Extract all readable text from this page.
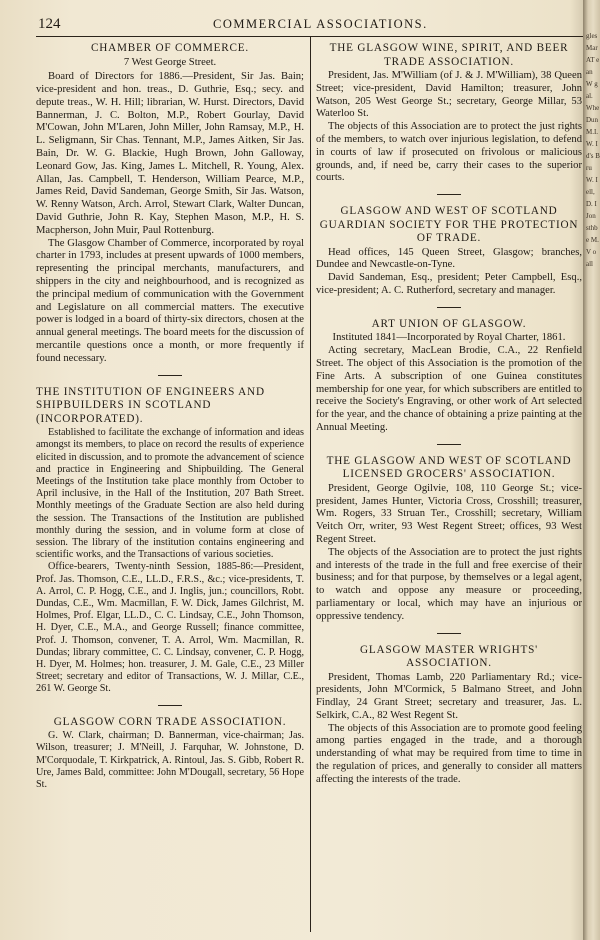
124	COMMERCIAL ASSOCIATIONS.
CHAMBER OF COMMERCE.
7 West George Street.

Board of Directors for 1886.—President, Sir Jas. Bain; vice-president and hon. treas., D. Guthrie, Esq.; secy. and depute treas., W. H. Hill; librarian, W. Hurst. Directors, David Bannerman, J. C. Bolton, M.P., Robert Gourlay, David M'Cowan, John M'Laren, John Miller, John Ramsay, M.P., H. L. Seligmann, Sir Chas. Tennant, M.P., James Aitken, Sir Jas. Bain, Dr. W. G. Blackie, Hugh Brown, John Galloway, Leonard Gow, Jas. King, James L. Mitchell, R. Young, Alex. Allan, Jas. Campbell, T. Henderson, William Pearce, M.P., James Reid, David Sandeman, George Smith, Sir Jas. Watson, W. Renny Watson, Arch. Arrol, Stewart Clark, Walter Duncan, David Guthrie, John R. Kay, Stephen Mason, M.P., H. S. Macpherson, John Muir, Paul Rottenburg.

The Glasgow Chamber of Commerce, incorporated by royal charter in 1793, includes at present upwards of 1000 members, representing the principal merchants, manufacturers, and shippers in the city and neighbourhood, and is recognized as the principal medium of communication with the Government and Legislature on all commercial matters. The executive power is lodged in a board of thirty-six directors, chosen at the annual general meetings. The board meets for the discussion of mercantile questions once a month, or more frequently if found necessary.

THE INSTITUTION OF ENGINEERS AND SHIPBUILDERS IN SCOTLAND (INCORPORATED).

Established to facilitate the exchange of information and ideas amongst its members, to place on record the results of experience elicited in discussion, and to promote the advancement of science and practice in Engineering and Shipbuilding. The General Meetings of the Institution take place monthly from October to April inclusive, in the Hall of the Institution, 207 Bath Street. Monthly meetings of the Graduate Section are also held during the session. The Transactions of the Institution are published monthly during the session, and in volume form at close of session. The library of the institution contains engineering and scientific works, and the Transactions of various societies.

Office-bearers, Twenty-ninth Session, 1885-86:—President, Prof. Jas. Thomson, C.E., LL.D., F.R.S., &c.; vice-presidents, T. A. Arrol, C. P. Hogg, C.E., and J. Inglis, jun.; councillors, Robt. Dundas, C.E., Wm. Macmillan, F. W. Dick, James Gilchrist, M. Holmes, Prof. Elgar, LL.D., C. C. Lindsay, C.E., John Thomson, H. Dyer, C.E., M.A., and George Russell; finance committee, Prof. J. Thomson, convener, T. A. Arrol, Wm. Macmillan, R. Dundas; library committee, C. C. Lindsay, convener, C. P. Hogg, H. Dyer, M. Holmes; hon. treasurer, J. M. Gale, C.E., 23 Miller Street; secretary and editor of Transactions, W. J. Millar, C.E., 261 W. George St.

GLASGOW CORN TRADE ASSOCIATION.

G. W. Clark, chairman; D. Bannerman, vice-chairman; Jas. Wilson, treasurer; J. M'Neill, J. Farquhar, W. Johnstone, D. M'Corquodale, T. Kirkpatrick, A. Rintoul, Jas. S. Gibb, Robert R. Ure, James Bald, committee: John M'Dougall, secretary, 56 Hope St.

THE GLASGOW WINE, SPIRIT, AND BEER TRADE ASSOCIATION.

President, Jas. M'William (of J. & J. M'William), 38 Queen Street; vice-president, David Hamilton; treasurer, John Watson, 205 West George St.; secretary, George Millar, 53 Waterloo St.

The objects of this Association are to protect the just rights of the members, to watch over injurious legislation, to defend in courts of law if prosecuted on frivolous or malicious grounds, and, if need be, carry their cases to the superior courts.

GLASGOW AND WEST OF SCOTLAND GUARDIAN SOCIETY FOR THE PROTECTION OF TRADE.

Head offices, 145 Queen Street, Glasgow; branches, Dundee and Newcastle-on-Tyne.

David Sandeman, Esq., president; Peter Campbell, Esq., vice-president; A. C. Rutherford, secretary and manager.

ART UNION OF GLASGOW.

Instituted 1841—Incorporated by Royal Charter, 1861.

Acting secretary, MacLean Brodie, C.A., 22 Renfield Street. The object of this Association is the promotion of the Fine Arts. A subscription of one Guinea constitutes membership for one year, for which subscribers are entitled to receive the Society's Engraving, or other work of Art selected for the year, and the chance of obtaining a prize painting at the Annual Meeting.

THE GLASGOW AND WEST OF SCOTLAND LICENSED GROCERS' ASSOCIATION.

President, George Ogilvie, 108, 110 George St.; vice-president, James Hunter, Victoria Cross, Crosshill; treasurer, Wm. Rogers, 33 Struan Ter., Crosshill; secretary, William Veitch Orr, writer, 93 West Regent Street; offices, 93 West Regent Street.

The objects of the Association are to protect the just rights and interests of the trade in the full and free exercise of their business; and for that purpose, by themselves or a legal agent, to watch and oppose any measure or proceeding, parliamentary or local, which may have an injurious or oppressive tendency.

GLASGOW MASTER WRIGHTS' ASSOCIATION.

President, Thomas Lamb, 220 Parliamentary Rd.; vice-presidents, John M'Cormick, 5 Balmano Street, and John Findlay, 24 Grant Street; secretary and treasurer, Jas. L. Selkirk, C.A., 82 West Regent St.

The objects of this Association are to promote good feeling among parties engaged in the trade, and a thorough understanding of what may be required from time to time in the regulation of prices, and generally to consider all matters affecting the interests of the trade.

gles Mar AT e an W gal. Whe Dun M.I. W. I d's Bru W. I ell, D. I Jon sthbe M. V o all
